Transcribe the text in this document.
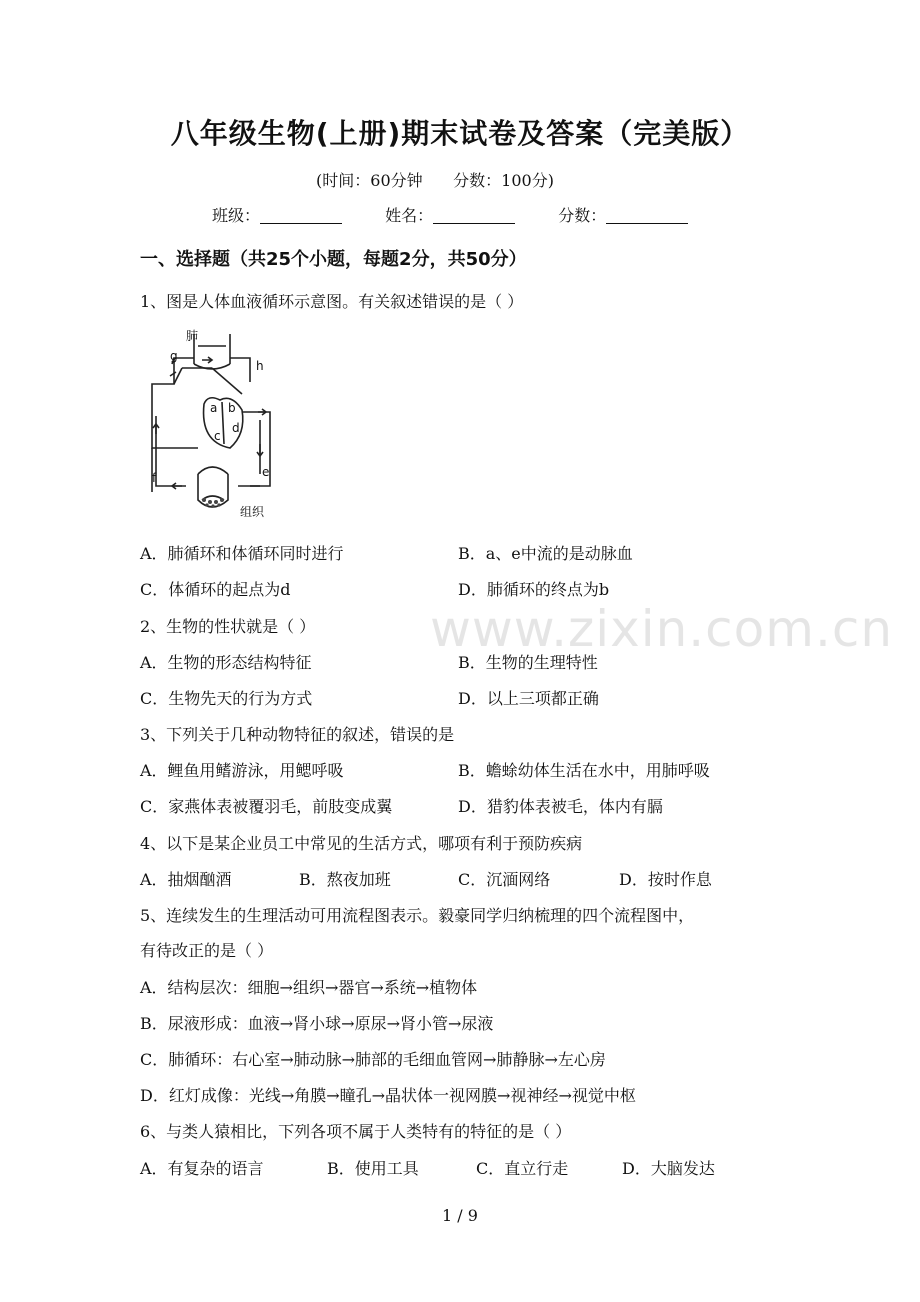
八年级生物(上册)期末试卷及答案（完美版）
(时间：60分钟      分数：100分)
班级：	姓名：	分数：
一、选择题（共25个小题，每题2分，共50分）
1、图是人体血液循环示意图。有关叙述错误的是（ ）
肺
g
h
a b
c
d
e
f
组织
A．肺循环和体循环同时进行	B．a、e中流的是动脉血
C．体循环的起点为d	D．肺循环的终点为b
2、生物的性状就是（ ）
A．生物的形态结构特征	B．生物的生理特性
C．生物先天的行为方式	D．以上三项都正确
3、下列关于几种动物特征的叙述，错误的是
A．鲤鱼用鳍游泳，用鳃呼吸	B．蟾蜍幼体生活在水中，用肺呼吸
C．家燕体表被覆羽毛，前肢变成翼	D．猎豹体表被毛，体内有膈
4、以下是某企业员工中常见的生活方式，哪项有利于预防疾病
A．抽烟酗酒	B．熬夜加班	C．沉湎网络	D．按时作息
5、连续发生的生理活动可用流程图表示。毅豪同学归纳梳理的四个流程图中，
有待改正的是（ ）
A．结构层次：细胞→组织→器官→系统→植物体
B．尿液形成：血液→肾小球→原尿→肾小管→尿液
C．肺循环：右心室→肺动脉→肺部的毛细血管网→肺静脉→左心房
D．红灯成像：光线→角膜→瞳孔→晶状体一视网膜→视神经→视觉中枢
6、与类人猿相比，下列各项不属于人类特有的特征的是（ ）
A．有复杂的语言	B．使用工具	C．直立行走	D．大脑发达
www.zixin.com.cn
1 / 9
